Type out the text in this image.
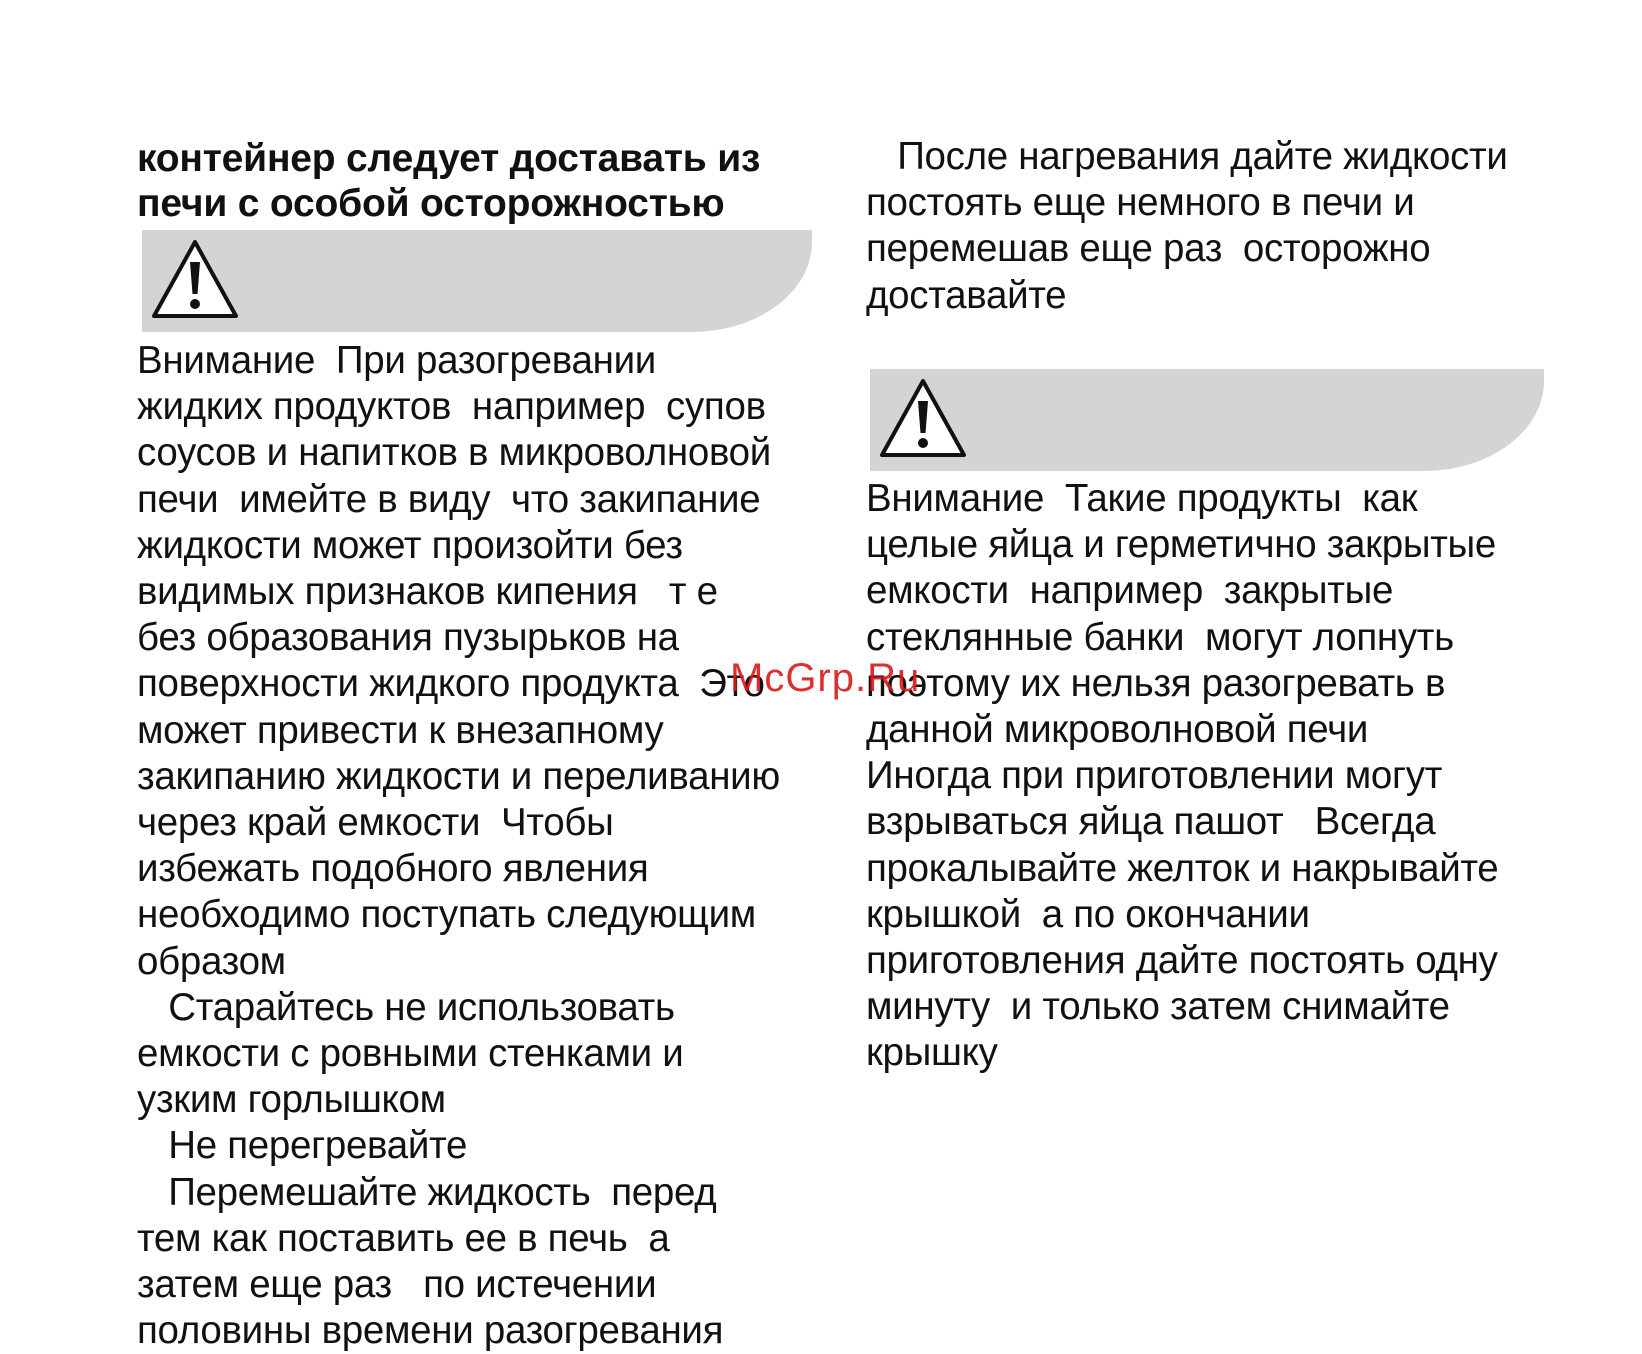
контейнер следует доставать из
печи с особой осторожностью
Внимание  При разогревании
жидких продуктов  например  супов
соусов и напитков в микроволновой
печи  имейте в виду  что закипание
жидкости может произойти без
видимых признаков кипения   т е
без образования пузырьков на
поверхности жидкого продукта  Это
может привести к внезапному
закипанию жидкости и переливанию
через край емкости  Чтобы
избежать подобного явления
необходимо поступать следующим
образом
Старайтесь не использовать
емкости с ровными стенками и
узким горлышком
Не перегревайте
Перемешайте жидкость  перед
тем как поставить ее в печь  а
затем еще раз   по истечении
половины времени разогревания
После нагревания дайте жидкости
постоять еще немного в печи и
перемешав еще раз  осторожно
доставайте
Внимание  Такие продукты  как
целые яйца и герметично закрытые
емкости  например  закрытые
стеклянные банки  могут лопнуть
поэтому их нельзя разогревать в
данной микроволновой печи
Иногда при приготовлении могут
взрываться яйца пашот   Всегда
прокалывайте желток и накрывайте
крышкой  а по окончании
приготовления дайте постоять одну
минуту  и только затем снимайте
крышку
McGrp.Ru
